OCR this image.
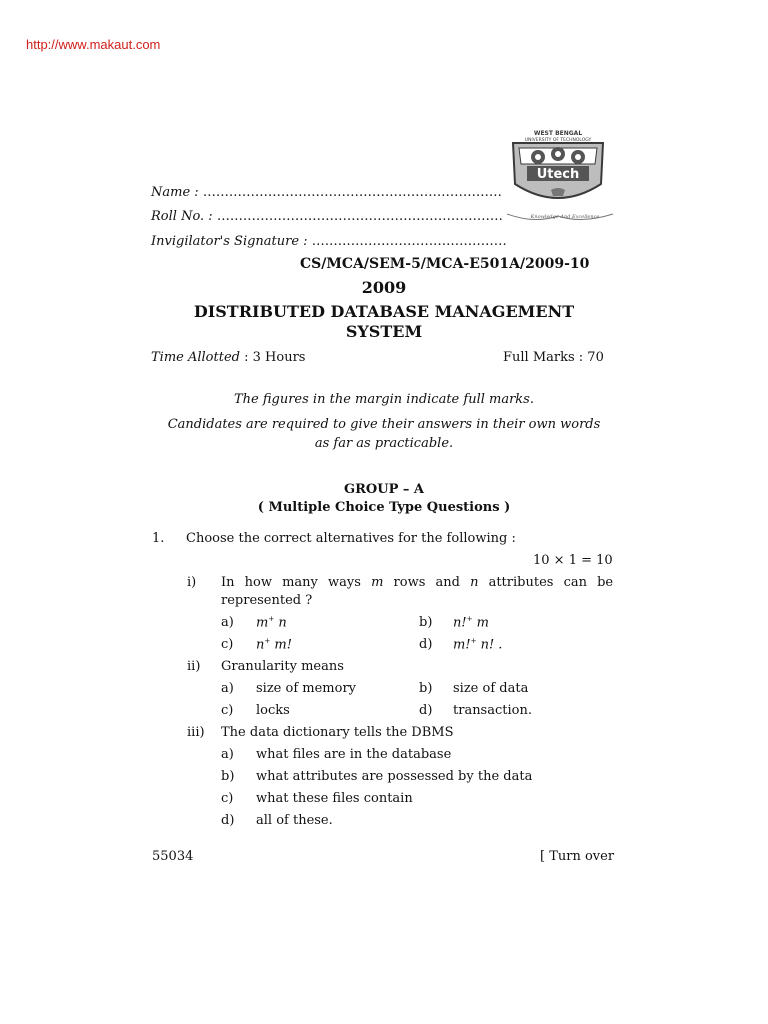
http://www.makaut.com
WEST BENGAL
UNIVERSITY OF TECHNOLOGY
Utech
Knowledge And Excellence
Name : ……………………………………………………………
Roll No. : …………………………………………………………
Invigilator's Signature : ………………………………………
CS/MCA/SEM-5/MCA-E501A/2009-10
2009
DISTRIBUTED DATABASE MANAGEMENT
SYSTEM
Time Allotted : 3 Hours	Full Marks : 70
The figures in the margin indicate full marks.
Candidates are required to give their answers in their own words
as far as practicable.
GROUP – A
( Multiple Choice Type Questions )
1. Choose the correct alternatives for the following :
10 × 1 = 10
i) In how many ways m rows and n attributes can be
represented ?
a) m+ n	b) n!+ m
c) n+ m!	d) m!+ n! .
ii) Granularity means
a) size of memory	b) size of data
c) locks	d) transaction.
iii) The data dictionary tells the DBMS
a) what files are in the database
b) what attributes are possessed by the data
c) what these files contain
d) all of these.
55034	[ Turn over
